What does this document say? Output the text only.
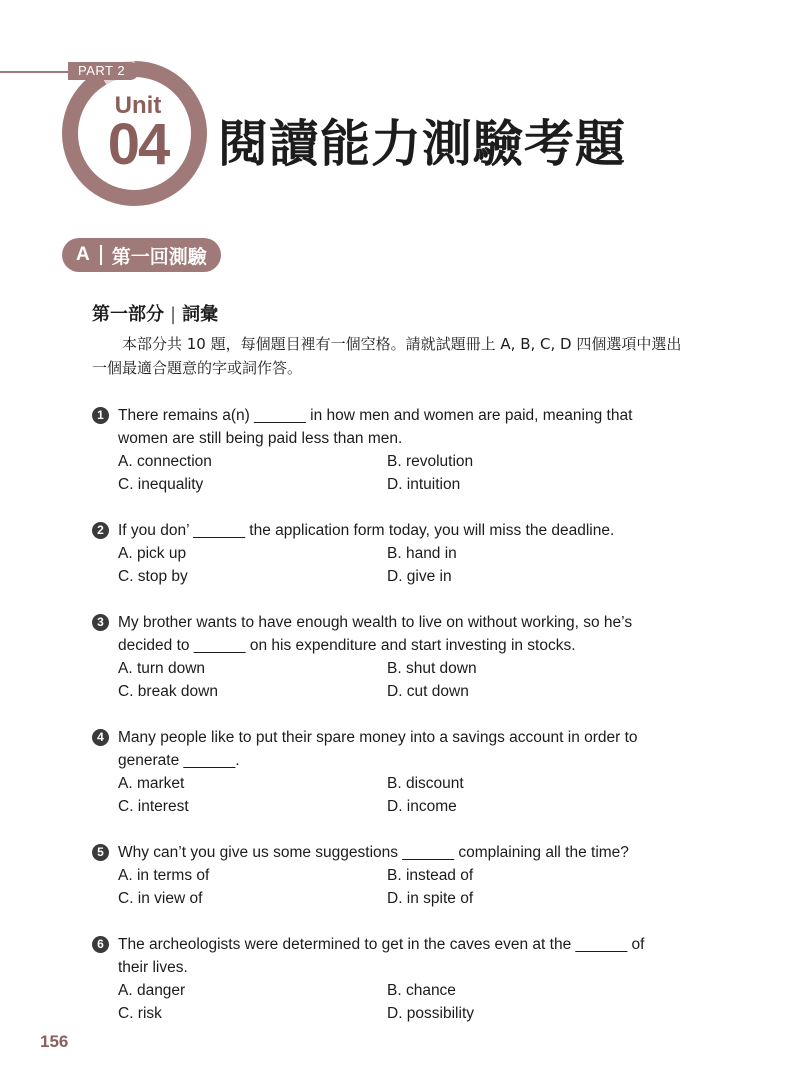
PART 2
Unit
04 閱讀能力測驗考題
A 第一回測驗
第一部分 | 詞彙
本部分共 10 題，每個題目裡有一個空格。請就試題冊上 A, B, C, D 四個選項中選出一個最適合題意的字或詞作答。
1 There remains a(n) ______ in how men and women are paid, meaning that women are still being paid less than men.
A. connection	B. revolution
C. inequality	D. intuition
2 If you don’ ______ the application form today, you will miss the deadline.
A. pick up	B. hand in
C. stop by	D. give in
3 My brother wants to have enough wealth to live on without working, so he’s decided to ______ on his expenditure and start investing in stocks.
A. turn down	B. shut down
C. break down	D. cut down
4 Many people like to put their spare money into a savings account in order to generate ______.
A. market	B. discount
C. interest	D. income
5 Why can’t you give us some suggestions ______ complaining all the time?
A. in terms of	B. instead of
C. in view of	D. in spite of
6 The archeologists were determined to get in the caves even at the ______ of their lives.
A. danger	B. chance
C. risk	D. possibility
156
